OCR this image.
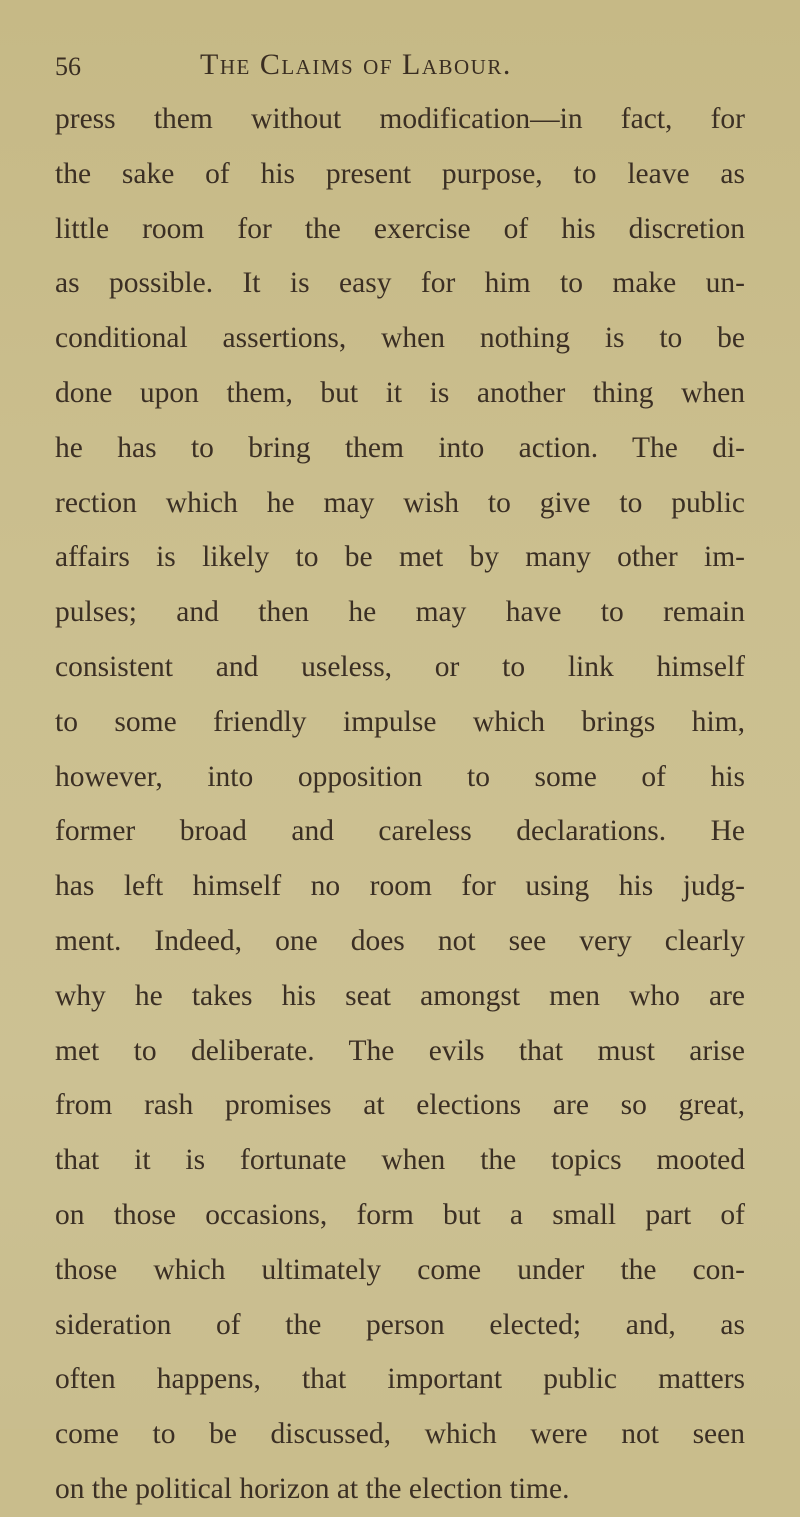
56	The Claims of Labour.
press them without modification—in fact, for
the sake of his present purpose, to leave as
little room for the exercise of his discretion
as possible. It is easy for him to make un-
conditional assertions, when nothing is to be
done upon them, but it is another thing when
he has to bring them into action. The di-
rection which he may wish to give to public
affairs is likely to be met by many other im-
pulses; and then he may have to remain
consistent and useless, or to link himself
to some friendly impulse which brings him,
however, into opposition to some of his
former broad and careless declarations. He
has left himself no room for using his judg-
ment. Indeed, one does not see very clearly
why he takes his seat amongst men who are
met to deliberate. The evils that must arise
from rash promises at elections are so great,
that it is fortunate when the topics mooted
on those occasions, form but a small part of
those which ultimately come under the con-
sideration of the person elected; and, as
often happens, that important public matters
come to be discussed, which were not seen
on the political horizon at the election time.
